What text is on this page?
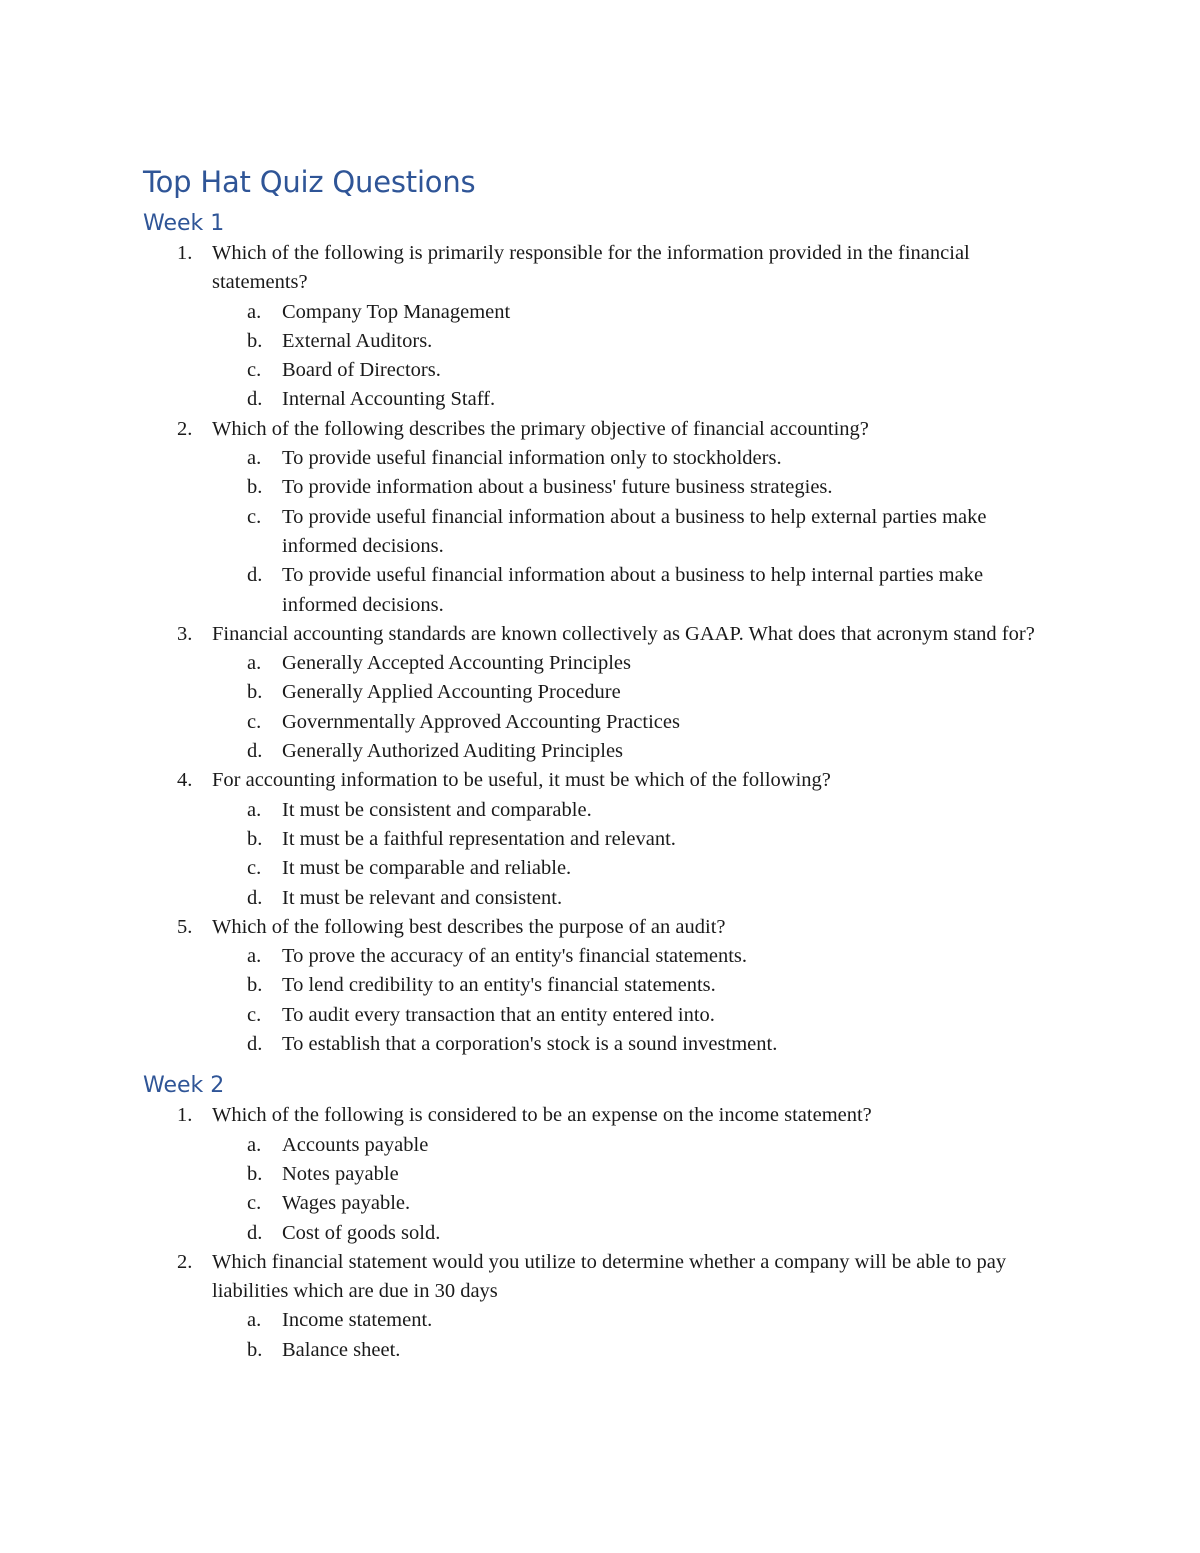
Top Hat Quiz Questions
Week 1
1. Which of the following is primarily responsible for the information provided in the financial statements?
a. Company Top Management
b. External Auditors.
c. Board of Directors.
d. Internal Accounting Staff.
2. Which of the following describes the primary objective of financial accounting?
a. To provide useful financial information only to stockholders.
b. To provide information about a business' future business strategies.
c. To provide useful financial information about a business to help external parties make informed decisions.
d. To provide useful financial information about a business to help internal parties make informed decisions.
3. Financial accounting standards are known collectively as GAAP. What does that acronym stand for?
a. Generally Accepted Accounting Principles
b. Generally Applied Accounting Procedure
c. Governmentally Approved Accounting Practices
d. Generally Authorized Auditing Principles
4. For accounting information to be useful, it must be which of the following?
a. It must be consistent and comparable.
b. It must be a faithful representation and relevant.
c. It must be comparable and reliable.
d. It must be relevant and consistent.
5. Which of the following best describes the purpose of an audit?
a. To prove the accuracy of an entity's financial statements.
b. To lend credibility to an entity's financial statements.
c. To audit every transaction that an entity entered into.
d. To establish that a corporation's stock is a sound investment.
Week 2
1. Which of the following is considered to be an expense on the income statement?
a. Accounts payable
b. Notes payable
c. Wages payable.
d. Cost of goods sold.
2. Which financial statement would you utilize to determine whether a company will be able to pay liabilities which are due in 30 days
a. Income statement.
b. Balance sheet.
